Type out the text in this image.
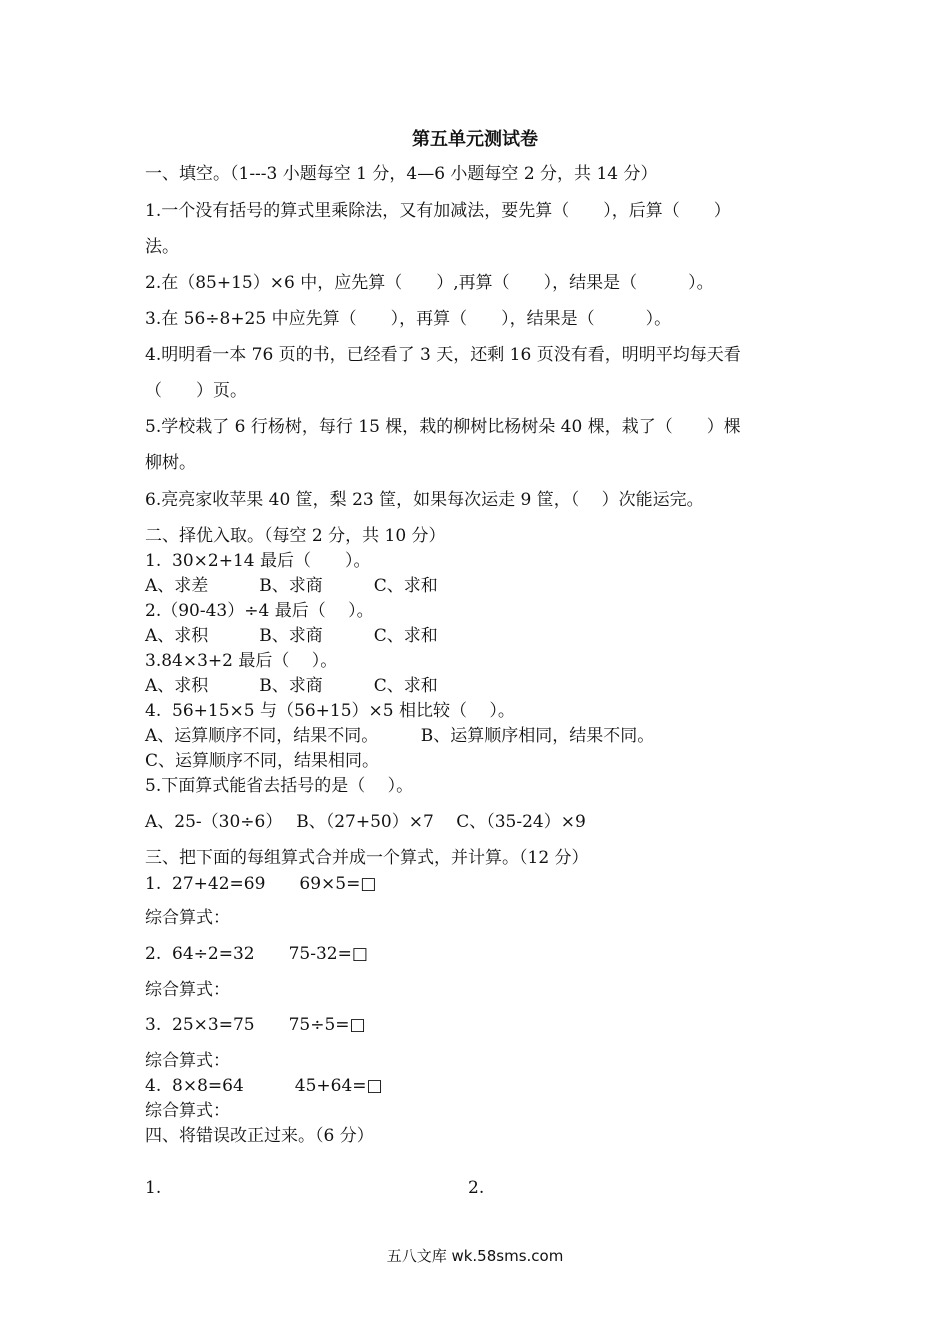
第五单元测试卷
一、填空。（1---3 小题每空 1 分，4—6 小题每空 2 分，共 14 分）
1.一个没有括号的算式里乘除法，又有加减法，要先算（　　），后算（　　）
法。
2.在（85+15）×6 中，应先算（　　）,再算（　　），结果是（　　　）。
3.在 56÷8+25 中应先算（　　），再算（　　），结果是（　　　）。
4.明明看一本 76 页的书，已经看了 3 天，还剩 16 页没有看，明明平均每天看
（　　）页。
5.学校栽了 6 行杨树，每行 15 棵，栽的柳树比杨树朵 40 棵，栽了（　　）棵
柳树。
6.亮亮家收苹果 40 筐，梨 23 筐，如果每次运走 9 筐，（　 ）次能运完。
二、择优入取。（每空 2 分，共 10 分）
1.  30×2+14 最后（　　）。
A、求差　　　B、求商　　　C、求和
2.（90-43）÷4 最后（　 ）。
A、求积　　　B、求商　　　C、求和
3.84×3+2 最后（　 ）。
A、求积　　　B、求商　　　C、求和
4.  56+15×5 与（56+15）×5 相比较（　 ）。
A、运算顺序不同，结果不同。　　　B、运算顺序相同，结果不同。
C、运算顺序不同，结果相同。
5.下面算式能省去括号的是（　 ）。
A、25-（30÷6）　 B、（27+50）×7　 C、（35-24）×9
三、把下面的每组算式合并成一个算式，并计算。（12 分）
1.  27+42=69　　69×5=□
综合算式：
2.  64÷2=32　　75-32=□
综合算式：
3.  25×3=75　　75÷5=□
综合算式：
4.  8×8=64　　　45+64=□
综合算式：
四、将错误改正过来。（6 分）
1.	2.
五八文库 wk.58sms.com
